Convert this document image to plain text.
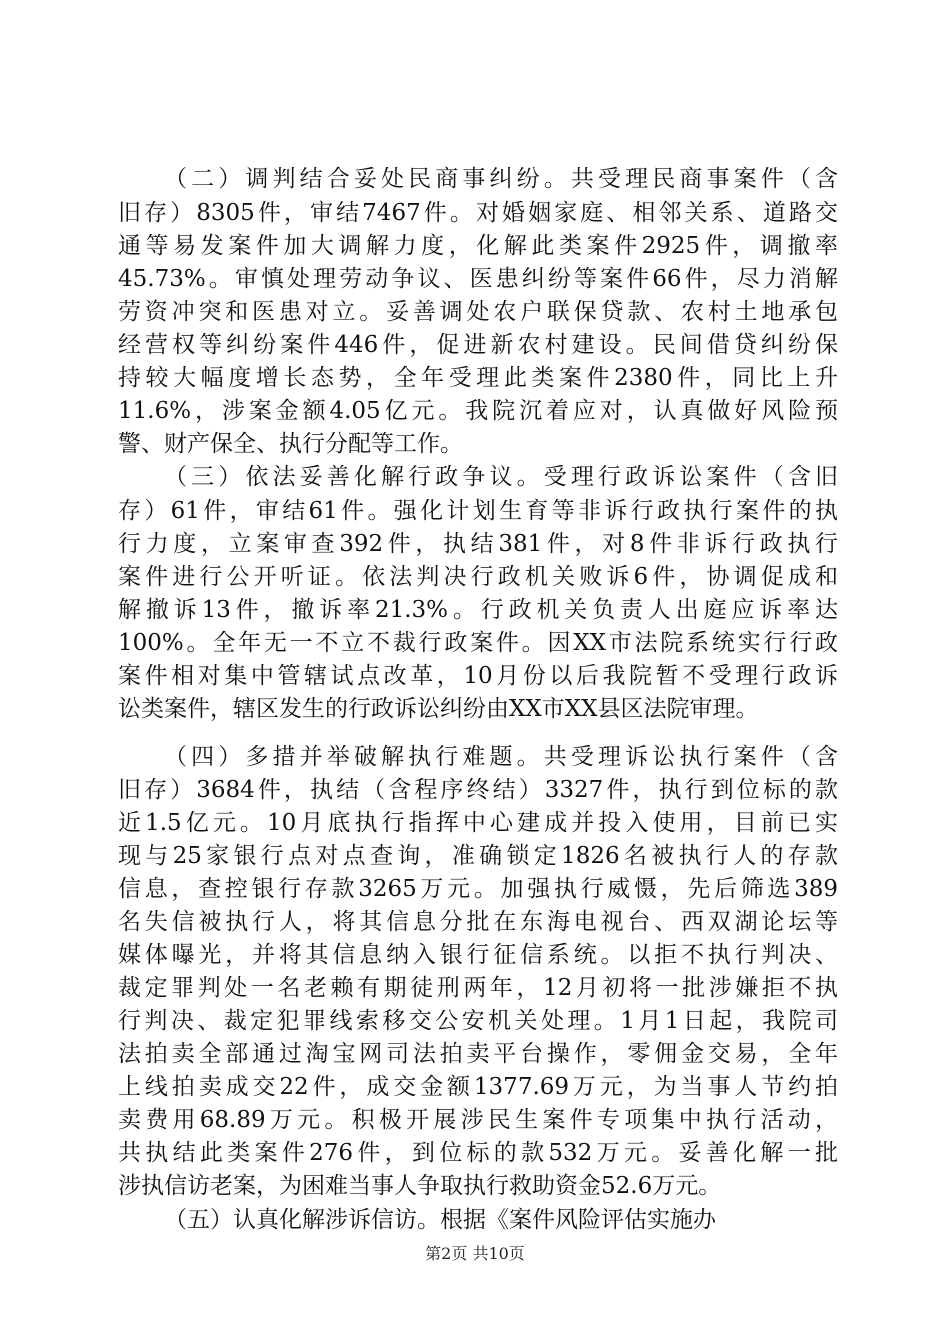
（二）调判结合妥处民商事纠纷。共受理民商事案件（含
旧存）8305件，审结7467件。对婚姻家庭、相邻关系、道路交
通等易发案件加大调解力度，化解此类案件2925件，调撤率
45.73%。审慎处理劳动争议、医患纠纷等案件66件，尽力消解
劳资冲突和医患对立。妥善调处农户联保贷款、农村土地承包
经营权等纠纷案件446件，促进新农村建设。民间借贷纠纷保
持较大幅度增长态势，全年受理此类案件2380件，同比上升
11.6%，涉案金额4.05亿元。我院沉着应对，认真做好风险预
警、财产保全、执行分配等工作。
（三）依法妥善化解行政争议。受理行政诉讼案件（含旧
存）61件，审结61件。强化计划生育等非诉行政执行案件的执
行力度，立案审查392件，执结381件，对8件非诉行政执行
案件进行公开听证。依法判决行政机关败诉6件，协调促成和
解撤诉13件，撤诉率21.3%。行政机关负责人出庭应诉率达
100%。全年无一不立不裁行政案件。因XX市法院系统实行行政
案件相对集中管辖试点改革，10月份以后我院暂不受理行政诉
讼类案件，辖区发生的行政诉讼纠纷由XX市XX县区法院审理。
（四）多措并举破解执行难题。共受理诉讼执行案件（含
旧存）3684件，执结（含程序终结）3327件，执行到位标的款
近1.5亿元。10月底执行指挥中心建成并投入使用，目前已实
现与25家银行点对点查询，准确锁定1826名被执行人的存款
信息，查控银行存款3265万元。加强执行威慑，先后筛选389
名失信被执行人，将其信息分批在东海电视台、西双湖论坛等
媒体曝光，并将其信息纳入银行征信系统。以拒不执行判决、
裁定罪判处一名老赖有期徒刑两年，12月初将一批涉嫌拒不执
行判决、裁定犯罪线索移交公安机关处理。1月1日起，我院司
法拍卖全部通过淘宝网司法拍卖平台操作，零佣金交易，全年
上线拍卖成交22件，成交金额1377.69万元，为当事人节约拍
卖费用68.89万元。积极开展涉民生案件专项集中执行活动，
共执结此类案件276件，到位标的款532万元。妥善化解一批
涉执信访老案，为困难当事人争取执行救助资金52.6万元。
（五）认真化解涉诉信访。根据《案件风险评估实施办
第2页 共10页
